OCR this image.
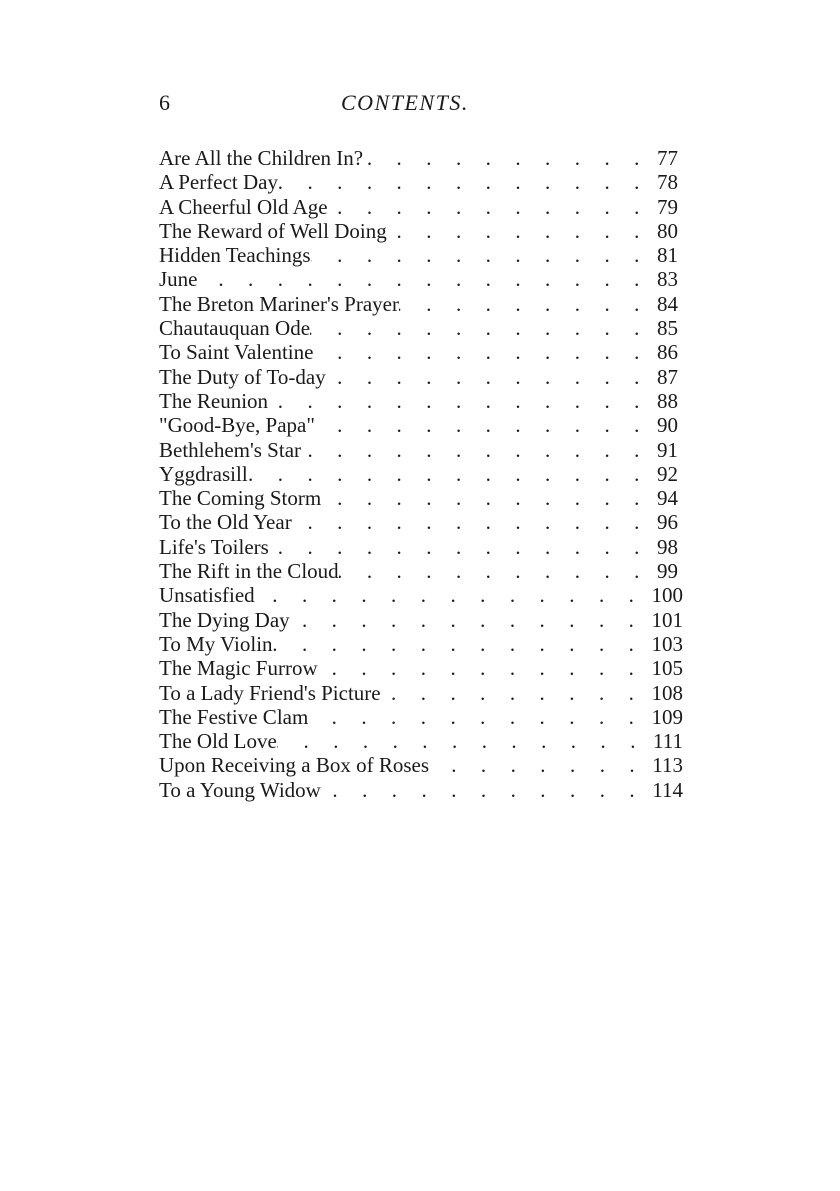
6	CONTENTS.
Are All the Children In? . . .	77
A Perfect Day . . .	78
A Cheerful Old Age . . .	79
The Reward of Well Doing . . .	80
Hidden Teachings . . .	81
June . . .	83
The Breton Mariner's Prayer . . .	84
Chautauquan Ode . . .	85
To Saint Valentine . . .	86
The Duty of To-day . . .	87
The Reunion . . .	88
"Good-Bye, Papa" . . .	90
Bethlehem's Star . . .	91
Yggdrasill . . .	92
The Coming Storm . . .	94
To the Old Year . . .	96
Life's Toilers . . .	98
The Rift in the Cloud . . .	99
Unsatisfied . . .	100
The Dying Day . . .	101
To My Violin . . .	103
The Magic Furrow . . .	105
To a Lady Friend's Picture . . .	108
The Festive Clam . . .	109
The Old Love . . .	111
Upon Receiving a Box of Roses . . .	113
To a Young Widow . . .	114
